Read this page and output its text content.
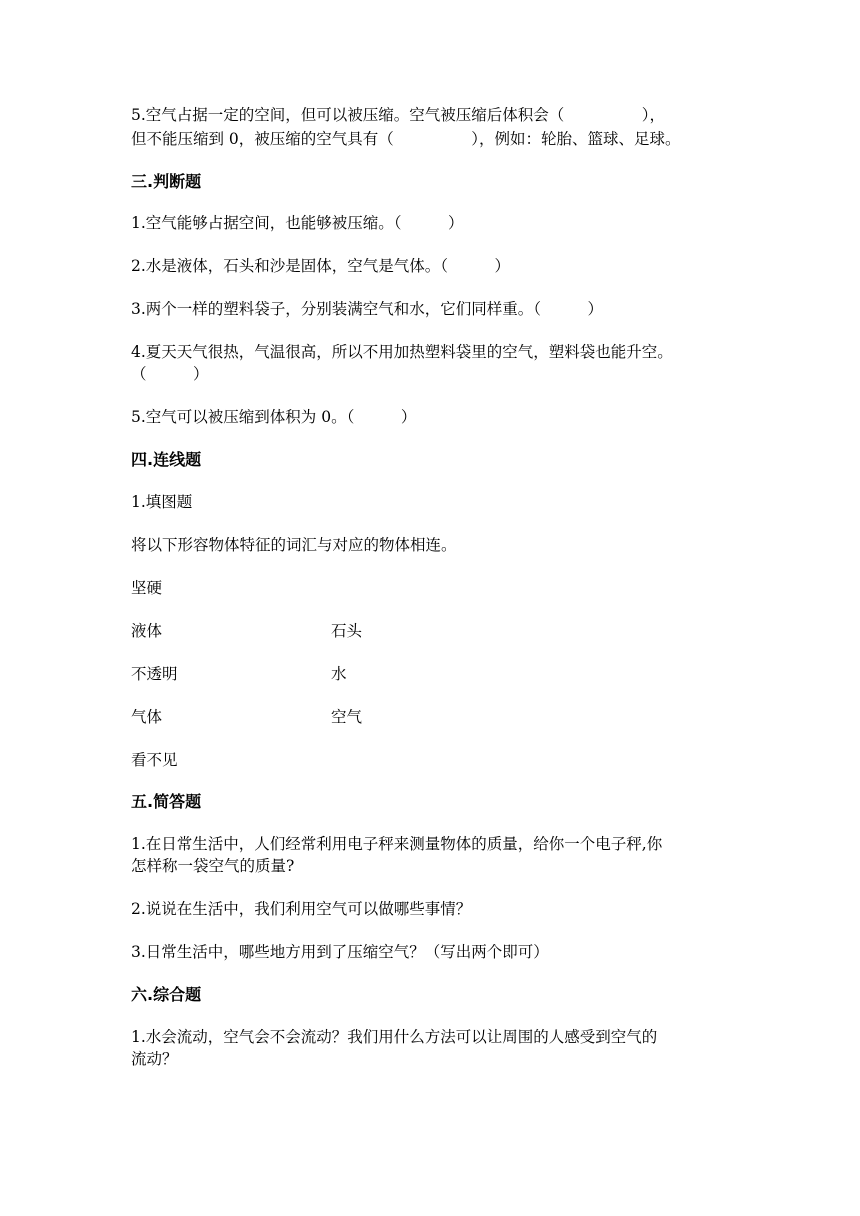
5.空气占据一定的空间，但可以被压缩。空气被压缩后体积会（　　　　　），
但不能压缩到 0，被压缩的空气具有（　　　　　），例如：轮胎、篮球、足球。
三.判断题
1.空气能够占据空间，也能够被压缩。（　　　）
2.水是液体，石头和沙是固体，空气是气体。（　　　）
3.两个一样的塑料袋子，分别装满空气和水，它们同样重。（　　　）
4.夏天天气很热，气温很高，所以不用加热塑料袋里的空气，塑料袋也能升空。
（　　　）
5.空气可以被压缩到体积为 0。（　　　）
四.连线题
1.填图题
将以下形容物体特征的词汇与对应的物体相连。
坚硬
液体	石头
不透明	水
气体	空气
看不见
五.简答题
1.在日常生活中，人们经常利用电子秤来测量物体的质量，给你一个电子秤,你
怎样称一袋空气的质量?
2.说说在生活中，我们利用空气可以做哪些事情？
3.日常生活中，哪些地方用到了压缩空气？（写出两个即可）
六.综合题
1.水会流动，空气会不会流动？我们用什么方法可以让周围的人感受到空气的
流动？
